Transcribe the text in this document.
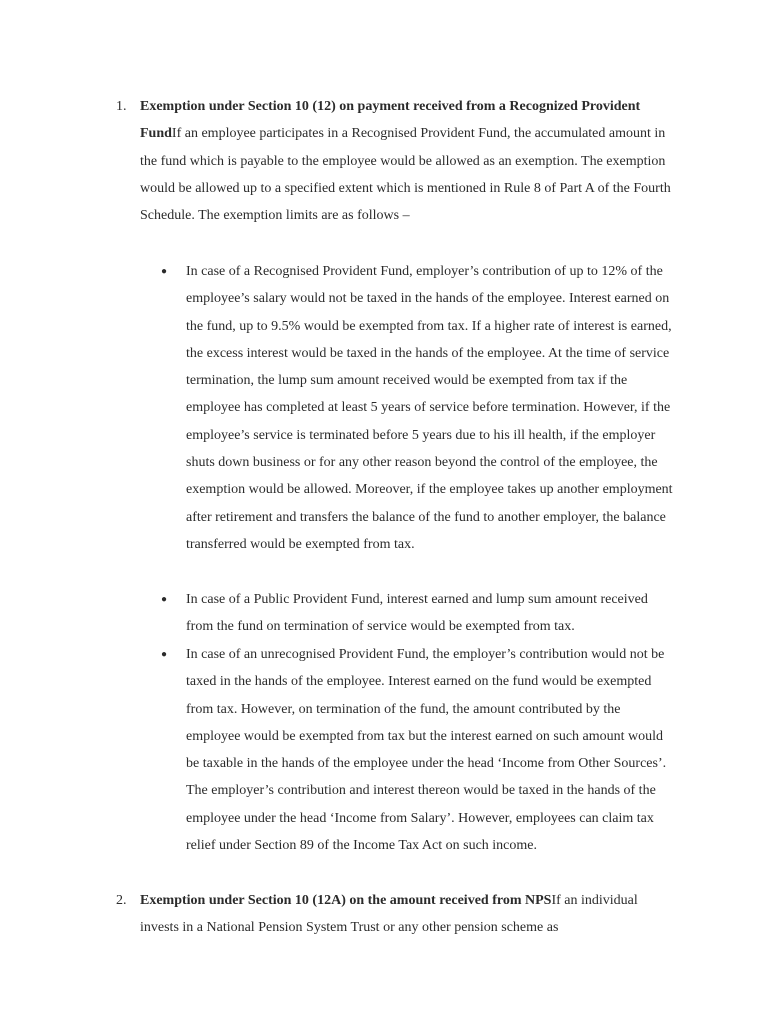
1. Exemption under Section 10 (12) on payment received from a Recognized Provident FundIf an employee participates in a Recognised Provident Fund, the accumulated amount in the fund which is payable to the employee would be allowed as an exemption. The exemption would be allowed up to a specified extent which is mentioned in Rule 8 of Part A of the Fourth Schedule. The exemption limits are as follows –
● In case of a Recognised Provident Fund, employer’s contribution of up to 12% of the employee’s salary would not be taxed in the hands of the employee. Interest earned on the fund, up to 9.5% would be exempted from tax. If a higher rate of interest is earned, the excess interest would be taxed in the hands of the employee. At the time of service termination, the lump sum amount received would be exempted from tax if the employee has completed at least 5 years of service before termination. However, if the employee’s service is terminated before 5 years due to his ill health, if the employer shuts down business or for any other reason beyond the control of the employee, the exemption would be allowed. Moreover, if the employee takes up another employment after retirement and transfers the balance of the fund to another employer, the balance transferred would be exempted from tax.
● In case of a Public Provident Fund, interest earned and lump sum amount received from the fund on termination of service would be exempted from tax.
● In case of an unrecognised Provident Fund, the employer’s contribution would not be taxed in the hands of the employee. Interest earned on the fund would be exempted from tax. However, on termination of the fund, the amount contributed by the employee would be exempted from tax but the interest earned on such amount would be taxable in the hands of the employee under the head ‘Income from Other Sources’. The employer’s contribution and interest thereon would be taxed in the hands of the employee under the head ‘Income from Salary’. However, employees can claim tax relief under Section 89 of the Income Tax Act on such income.
2. Exemption under Section 10 (12A) on the amount received from NPSIf an individual invests in a National Pension System Trust or any other pension scheme as
